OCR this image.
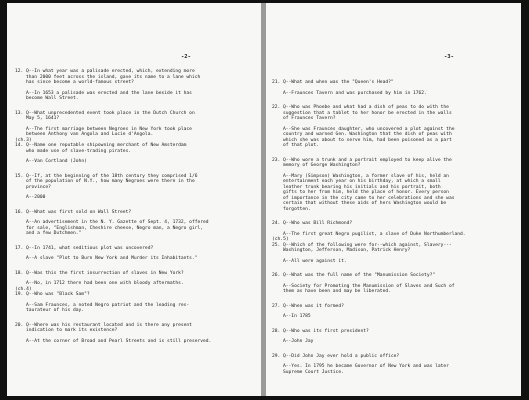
-2-
12. Q--In what year was a palisade erected, which, extending more
than 2000 feet across the island, gave its name to a lane which
has since become a world-famous street?
A--In 1653 a palisade was erected and the lane beside it has
become Wall Street.
13. Q--What unprecedented event took place in the Dutch Church on
May 5, 1641?
A--The first marriage between Negroes in New York took place
between Anthony van Angola and Lucie d'Angola.
(ch.3)
14. Q--Name one reputable shipowning merchant of New Amsterdam
who made use of slave-trading pirates.
A--Van Cortland (John)
15. Q--If, at the beginning of the 18th century they comprised 1/6
of the population of N.Y., how many Negroes were there in the
province?
A--2000
16. Q--What was first sold on Wall Street?
A--An advertisement in the N. Y. Gazette of Sept. 4, 1732, offered
for sale, "Englishman, Cheshire cheese, Negro man, a Negro girl,
and a few Dutchmen."
17. Q--In 1741, what seditious plot was uncovered?
A--A slave "Plot to Burn New York and Murder its Inhabitants."
18. Q--Was this the first insurrection of slaves in New York?
A--No, in 1712 there had been one with bloody aftermaths.
(ch.4)
19. Q--Who was "Black Sam"?
A--Sam Fraunces, a noted Negro patriot and the leading res-
taurateur of his day.
20. Q--Where was his restaurant located and is there any present
indication to mark its existence?
A--At the corner of Broad and Pearl Streets and is still preserved.
-3-
21. Q--What and when was the "Queen's Head?"
A--Fraunces Tavern and was purchased by him in 1762.
22. Q--Who was Phoebe and what had a dish of peas to do with the
suggestion that a tablet to her honor be erected in the walls
of Fraunces Tavern?
A--She was Fraunces daughter, who uncovered a plot against the
country and warned Gen. Washington that the dish of peas with
which she was about to serve him, had been poisoned as a part
of that plot.
23. Q--Who wore a trunk and a portrait employed to keep alive the
memory of George Washington?
A--Mary (Simpson) Washington, a former slave of his, held an
entertainment each year on his birthday, at which a small
leather trunk bearing his initials and his portrait, both
gifts to her from him, held the place of honor. Every person
of importance in the city came to her celebrations and she was
certain that without these aids of hers Washington would be
forgotten.
24. Q--Who was Bill Richmond?
A--The first great Negro pugilist, a slave of Duke Northumberland.
(ch.5)
25. Q--Which of the following were for--which against, Slavery---
Washington, Jefferson, Madison, Patrick Henry?
A--All were against it.
26. Q--What was the full name of the "Manumission Society?"
A--Society for Promoting the Manumission of Slaves and Such of
them as have been and may be liberated.
27. Q--When was it formed?
A--In 1785
28. Q--Who was its first president?
A--John Jay
29. Q--Did John Jay ever hold a public office?
A--Yes. In 1795 he became Governor of New York and was later
Supreme Court Justice.
